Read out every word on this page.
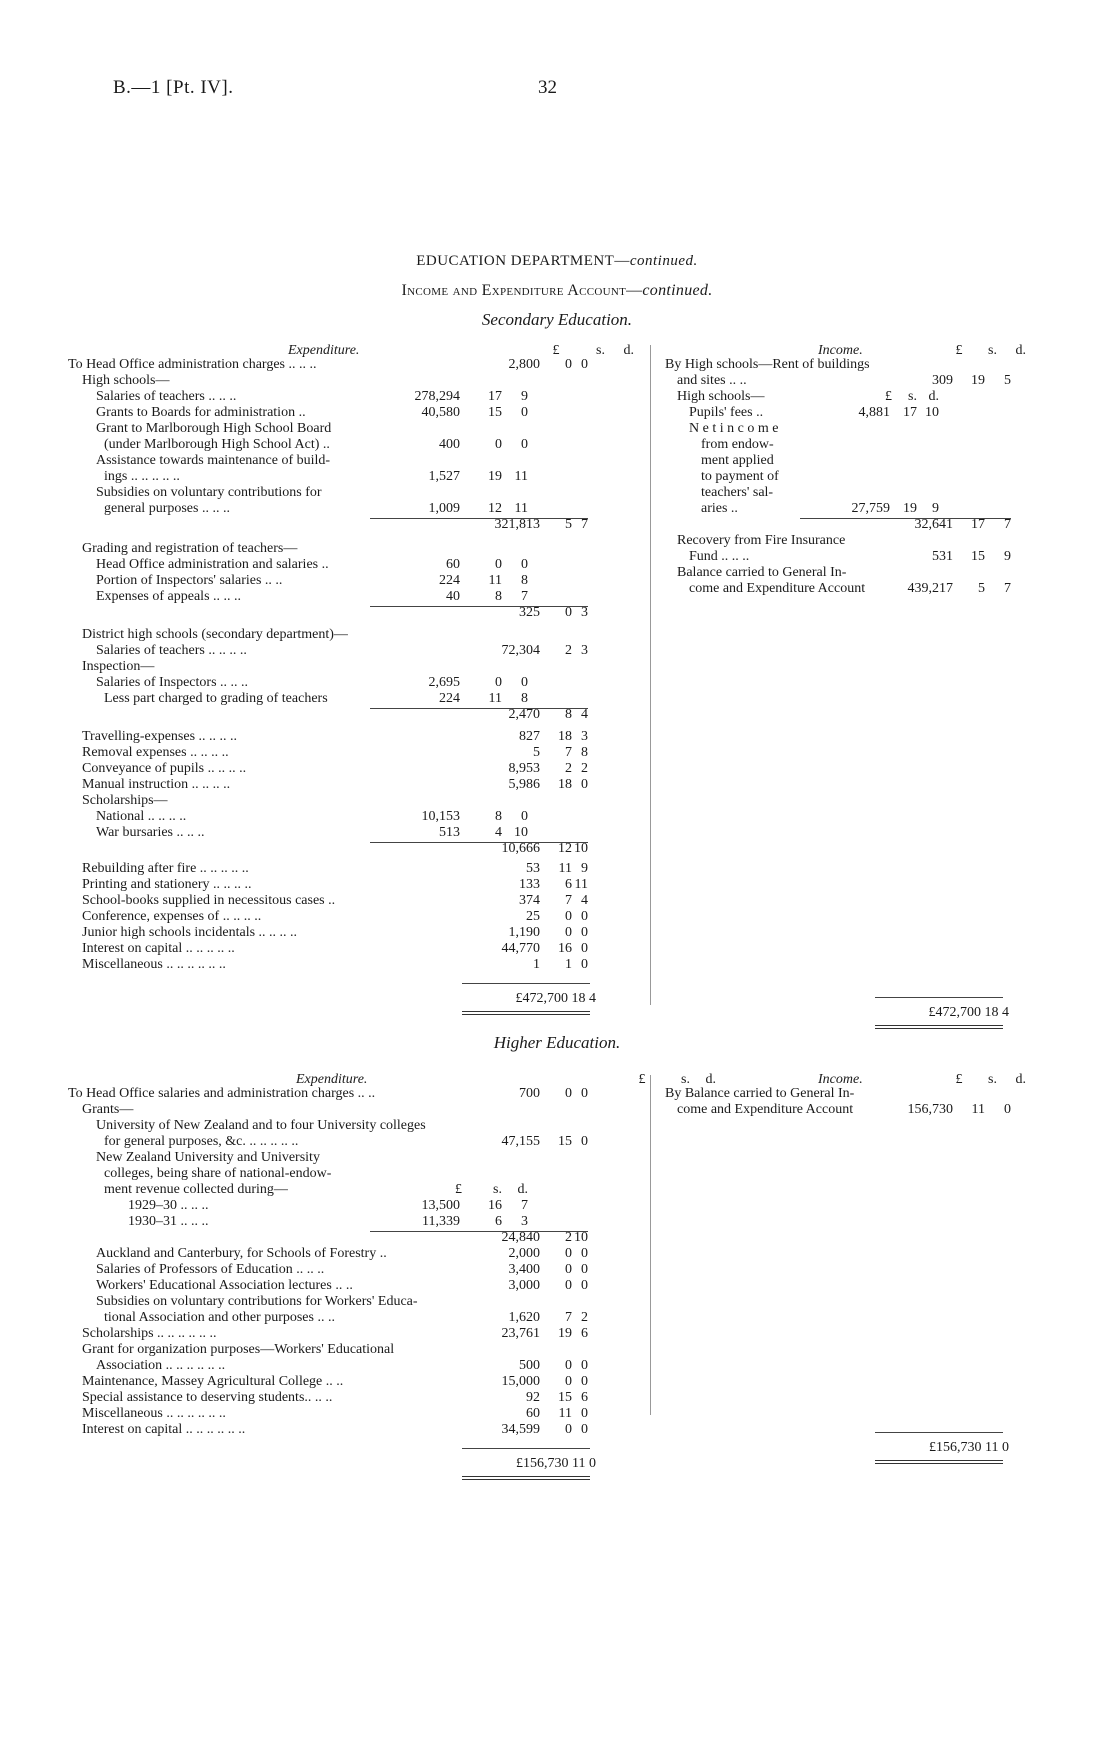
B.—1 [Pt. IV].	32
EDUCATION DEPARTMENT—continued.
Income and Expenditure Account—continued.
Secondary Education.
Expenditure.	£	s.	d.
To Head Office administration charges .. .. ..	2,800	0 0
High schools—
Salaries of teachers .. .. ..	278,294	17	9
Grants to Boards for administration ..	40,580	15	0
Grant to Marlborough High School Board
(under Marlborough High School Act) ..	400	0	0
Assistance towards maintenance of build-
ings .. .. .. .. ..	1,527	19 11
Subsidies on voluntary contributions for
general purposes .. .. ..	1,009	12 11
321,813	5 7
Grading and registration of teachers—
Head Office administration and salaries ..	60	0	0
Portion of Inspectors' salaries .. ..	224	11	8
Expenses of appeals .. .. ..	40	8	7
325	0 3
District high schools (secondary department)—
Salaries of teachers .. .. .. ..	72,304	2 3
Inspection—
Salaries of Inspectors .. .. ..	2,695	0	0
Less part charged to grading of teachers	224	11	8
2,470	8 4
Travelling-expenses .. .. .. ..	827	18 3
Removal expenses .. .. .. ..	5	7 8
Conveyance of pupils .. .. .. ..	8,953	2 2
Manual instruction .. .. .. ..	5,986	18 0
Scholarships—
National .. .. .. ..	10,153	8	0
War bursaries .. .. ..	513	4 10
10,666	12 10
Rebuilding after fire .. .. .. .. ..	53	11 9
Printing and stationery .. .. .. ..	133	6 11
School-books supplied in necessitous cases ..	374	7 4
Conference, expenses of .. .. .. ..	25	0 0
Junior high schools incidentals .. .. .. ..	1,190	0 0
Interest on capital .. .. .. .. ..	44,770	16 0
Miscellaneous .. .. .. .. .. ..	1	1 0
£472,700 18 4
Income.	£	s.	d.
By High schools—Rent of buildings
and sites .. ..	309	19	5
High schools—	£	s. d.
Pupils' fees ..	4,881 17 10
N e t i n c o m e
from endow-
ment applied
to payment of
teachers' sal-
aries ..	27,759 19	9
32,641	17	7
Recovery from Fire Insurance
Fund .. .. ..	531	15	9
Balance carried to General In-
come and Expenditure Account	439,217	5	7
£472,700 18 4
Higher Education.
Expenditure.	£	s.	d.
To Head Office salaries and administration charges .. ..	700	0 0
Grants—
University of New Zealand and to four University colleges
for general purposes, &c. .. .. .. .. ..	47,155	15 0
New Zealand University and University
colleges, being share of national-endow-
ment revenue collected during—	£	s.	d.
1929–30 .. .. ..	13,500	16	7
1930–31 .. .. ..	11,339	6	3
24,840	2 10
Auckland and Canterbury, for Schools of Forestry ..	2,000	0 0
Salaries of Professors of Education .. .. ..	3,400	0 0
Workers' Educational Association lectures .. ..	3,000	0 0
Subsidies on voluntary contributions for Workers' Educa-
tional Association and other purposes .. ..	1,620	7 2
Scholarships .. .. .. .. .. ..	23,761	19 6
Grant for organization purposes—Workers' Educational
Association .. .. .. .. .. ..	500	0 0
Maintenance, Massey Agricultural College .. ..	15,000	0 0
Special assistance to deserving students.. .. ..	92	15 6
Miscellaneous .. .. .. .. .. ..	60	11 0
Interest on capital .. .. .. .. .. ..	34,599	0 0
£156,730 11 0
Income.	£	s.	d.
By Balance carried to General In-
come and Expenditure Account	156,730	11	0
£156,730 11 0
